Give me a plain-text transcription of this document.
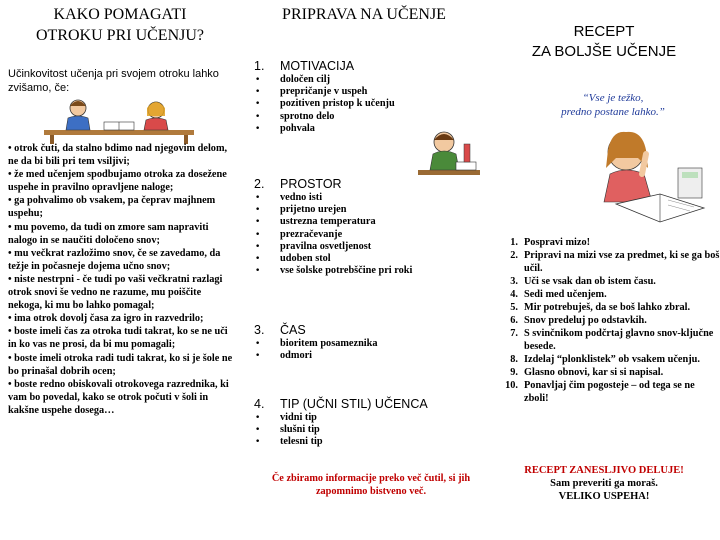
KAKO POMAGATI
OTROKU PRI UČENJU?
Učinkovitost učenja pri svojem otroku lahko zvišamo, če:
• otrok čuti, da stalno bdimo nad njegovim delom, ne da bi bili pri tem vsiljivi;
• že med učenjem spodbujamo otroka za dosežene uspehe in pravilno opravljene naloge;
• ga pohvalimo ob vsakem, pa čeprav majhnem uspehu;
• mu povemo, da tudi on zmore sam napraviti nalogo in se naučiti določeno snov;
• mu večkrat razložimo snov, če se zavedamo, da težje in počasneje dojema učno snov;
• niste nestrpni - če tudi po vaši večkratni razlagi otrok snovi še vedno ne razume, mu poiščite nekoga, ki mu bo lahko pomagal;
• ima otrok dovolj časa za igro in razvedrilo;
• boste imeli čas za otroka tudi takrat, ko se ne uči in ko vas ne prosi, da bi mu pomagali;
• boste imeli otroka radi tudi takrat, ko si je šole ne bo prinašal dobrih ocen;
• boste redno obiskovali otrokovega razrednika, ki vam bo povedal, kako se otrok počuti v šoli in kakšne uspehe dosega…
PRIPRAVA NA UČENJE
1.	MOTIVACIJA
•	določen cilj
•	prepričanje v uspeh
•	pozitiven pristop k učenju
•	sprotno delo
•	pohvala
2.	PROSTOR
•	vedno isti
•	prijetno urejen
•	ustrezna temperatura
•	prezračevanje
•	pravilna osvetljenost
•	udoben stol
•	vse šolske potrebščine pri roki
3.	ČAS
•	bioritem posameznika
•	odmori
4.	TIP (UČNI STIL) UČENCA
•	vidni tip
•	slušni tip
•	telesni tip
Če zbiramo informacije preko več čutil, si jih zapomnimo bistveno več.
RECEPT
ZA BOLJŠE UČENJE
“Vse je težko,
predno postane lahko.”
1. Pospravi mizo!
2. Pripravi na mizi vse za predmet, ki se ga boš učil.
3. Uči se vsak dan ob istem času.
4. Sedi med učenjem.
5. Mir potrebuješ, da se boš lahko zbral.
6. Snov predeluj po odstavkih.
7. S svinčnikom podčrtaj glavno snov-ključne besede.
8. Izdelaj “plonklistek” ob vsakem učenju.
9. Glasno obnovi, kar si si napisal.
10. Ponavljaj čim pogosteje – od tega se ne zboli!
RECEPT ZANESLJIVO DELUJE!
Sam preveriti ga moraš.
VELIKO USPEHA!
